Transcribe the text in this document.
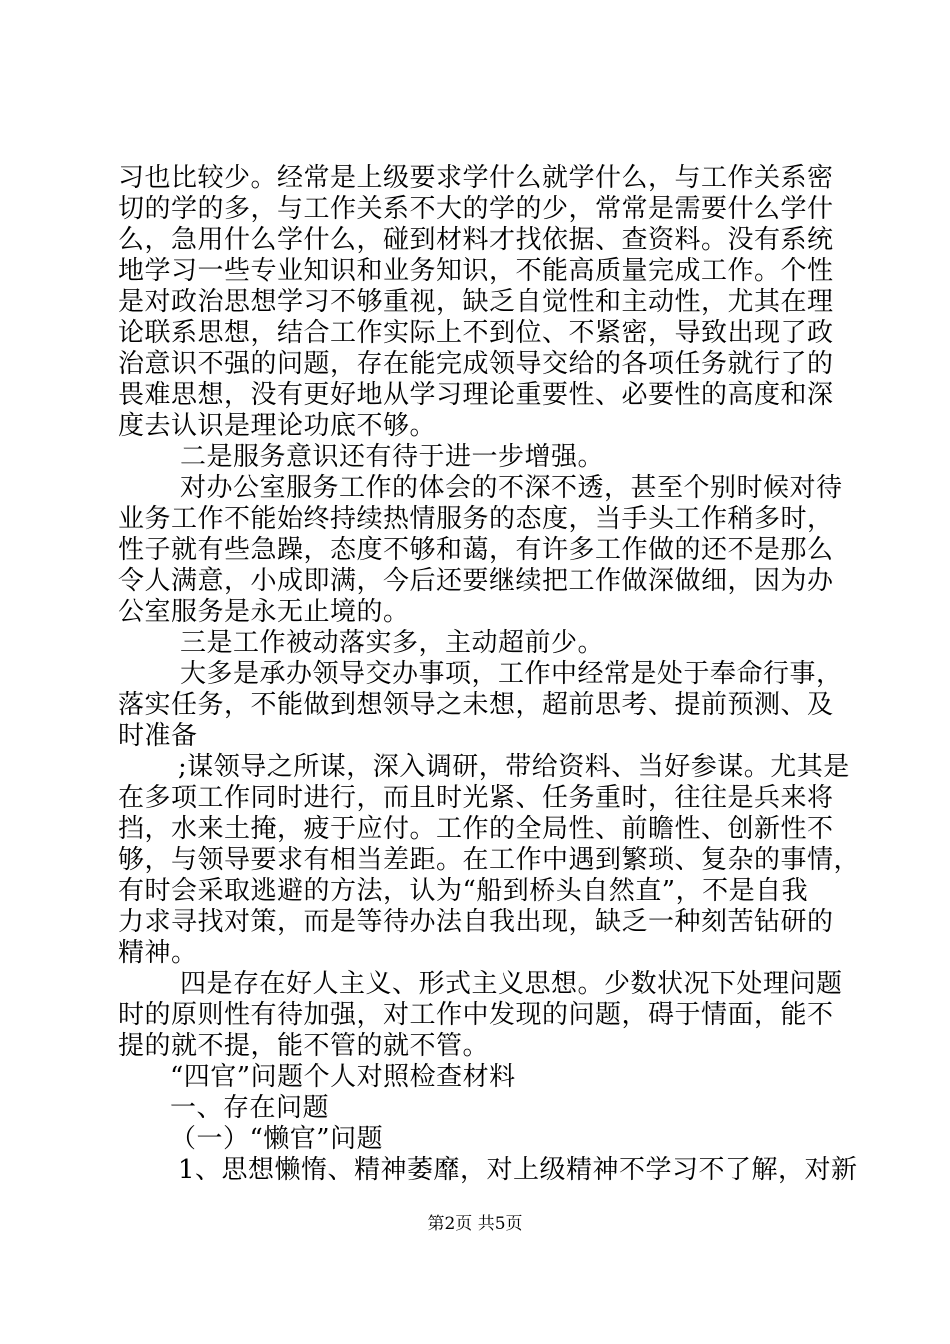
习也比较少。经常是上级要求学什么就学什么，与工作关系密
切的学的多，与工作关系不大的学的少，常常是需要什么学什
么，急用什么学什么，碰到材料才找依据、查资料。没有系统
地学习一些专业知识和业务知识，不能高质量完成工作。个性
是对政治思想学习不够重视，缺乏自觉性和主动性，尤其在理
论联系思想，结合工作实际上不到位、不紧密，导致出现了政
治意识不强的问题，存在能完成领导交给的各项任务就行了的
畏难思想，没有更好地从学习理论重要性、必要性的高度和深
度去认识是理论功底不够。
二是服务意识还有待于进一步增强。
对办公室服务工作的体会的不深不透，甚至个别时候对待
业务工作不能始终持续热情服务的态度，当手头工作稍多时，
性子就有些急躁，态度不够和蔼，有许多工作做的还不是那么
令人满意，小成即满，今后还要继续把工作做深做细，因为办
公室服务是永无止境的。
三是工作被动落实多，主动超前少。
大多是承办领导交办事项，工作中经常是处于奉命行事，
落实任务，不能做到想领导之未想，超前思考、提前预测、及
时准备
;谋领导之所谋，深入调研，带给资料、当好参谋。尤其是
在多项工作同时进行，而且时光紧、任务重时，往往是兵来将
挡，水来土掩，疲于应付。工作的全局性、前瞻性、创新性不
够，与领导要求有相当差距。在工作中遇到繁琐、复杂的事情，
有时会采取逃避的方法，认为“船到桥头自然直”，不是自我
力求寻找对策，而是等待办法自我出现，缺乏一种刻苦钻研的
精神。
四是存在好人主义、形式主义思想。少数状况下处理问题
时的原则性有待加强，对工作中发现的问题，碍于情面，能不
提的就不提，能不管的就不管。
“四官”问题个人对照检查材料
一、存在问题
（一）“懒官”问题
1、思想懒惰、精神萎靡，对上级精神不学习不了解，对新
第2页 共5页
